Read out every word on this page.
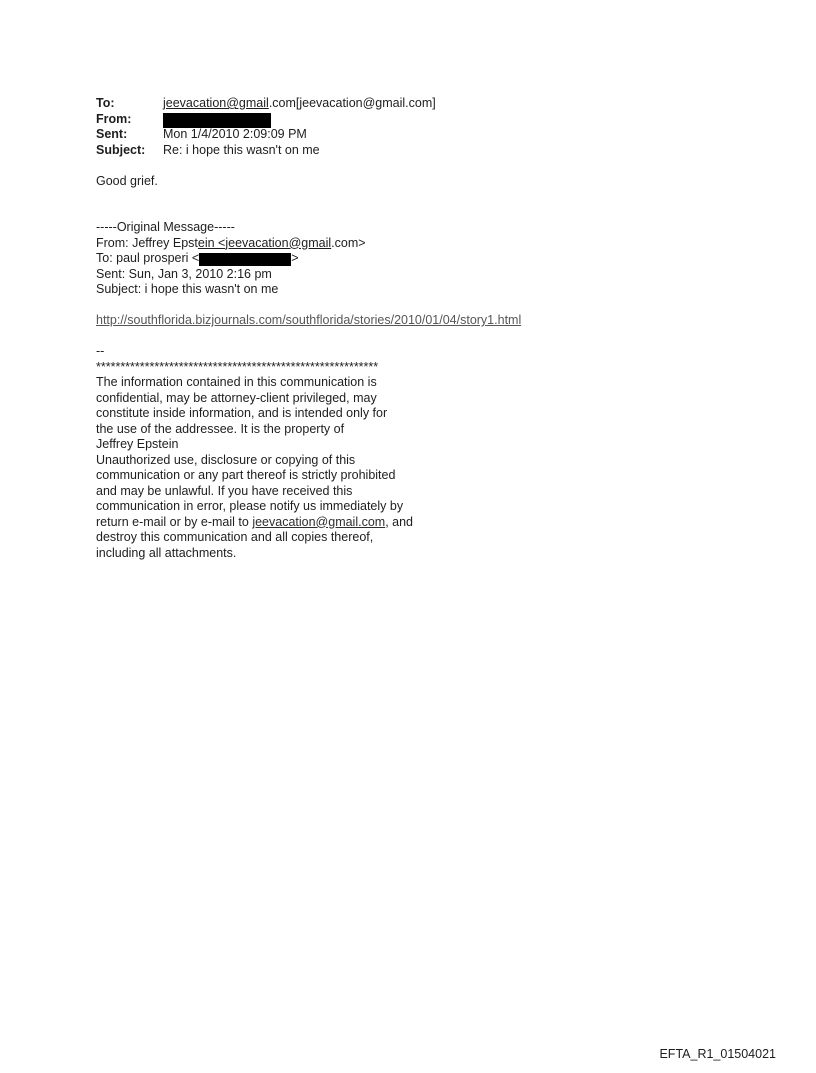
To:	jeevacation@gmail.com[jeevacation@gmail.com]
From:
Sent:	Mon 1/4/2010 2:09:09 PM
Subject: Re: i hope this wasn't on me
Good grief.
-----Original Message-----
From: Jeffrey Epstein <jeevacation@gmail.com>
To: paul prosperi <	>
Sent: Sun, Jan 3, 2010 2:16 pm
Subject: i hope this wasn't on me
http://southflorida.bizjournals.com/southflorida/stories/2010/01/04/story1.html
--
**********************************************************
The information contained in this communication is
confidential, may be attorney-client privileged, may
constitute inside information, and is intended only for
the use of the addressee. It is the property of
Jeffrey Epstein
Unauthorized use, disclosure or copying of this
communication or any part thereof is strictly prohibited
and may be unlawful. If you have received this
communication in error, please notify us immediately by
return e-mail or by e-mail to jeevacation@gmail.com, and
destroy this communication and all copies thereof,
including all attachments.
EFTA_R1_01504021
